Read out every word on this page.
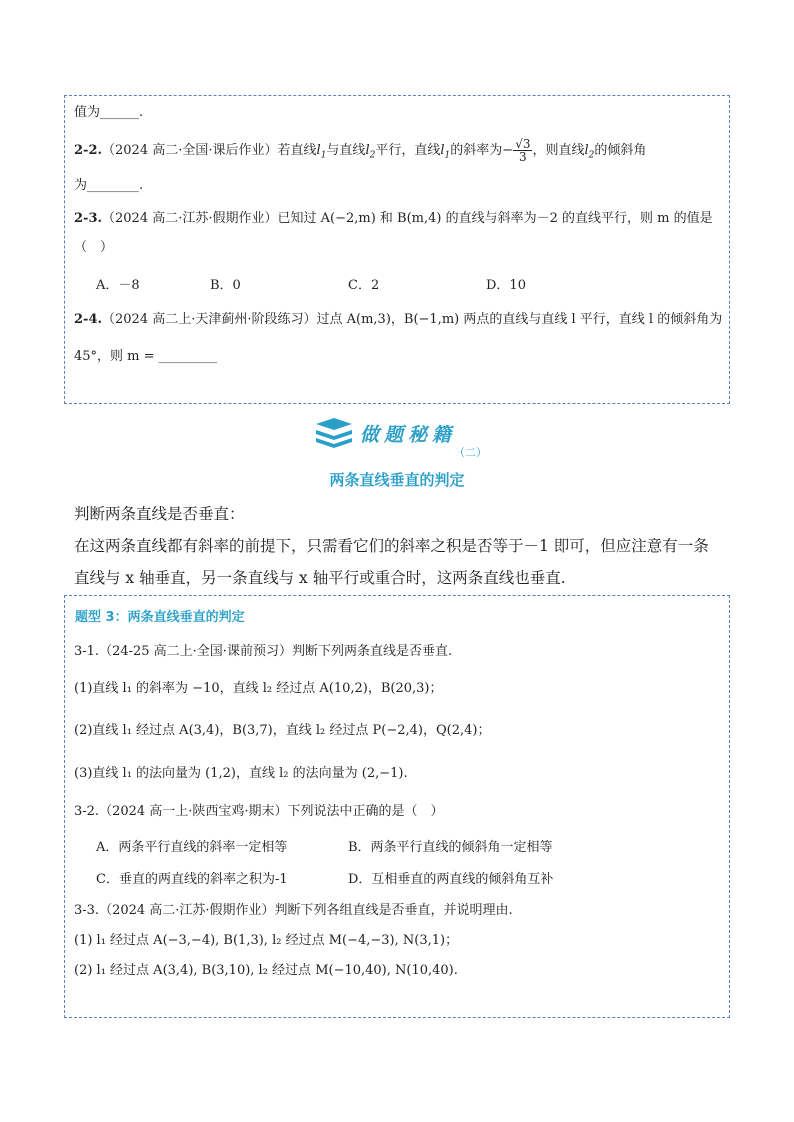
值为______.
2-2.（2024 高二·全国·课后作业）若直线$l_1$与直线$l_2$平行，直线$l_1$的斜率为− $\frac{√3}{3}$ ，则直线$l_2$的倾斜角
为________.
2-3.（2024 高二·江苏·假期作业）已知过 A(−2,m) 和 B(m,4) 的直线与斜率为－2 的直线平行，则 m 的值是
（　）
A．－8	B．0	C．2	D．10
2-4.（2024 高二上·天津蓟州·阶段练习）过点 A(m,3)，B(−1,m) 两点的直线与直线 l 平行，直线 l 的倾斜角为
45°，则 m = _________
做题秘籍
（二）
两条直线垂直的判定
判断两条直线是否垂直：
在这两条直线都有斜率的前提下，只需看它们的斜率之积是否等于－1 即可，但应注意有一条
直线与 x 轴垂直，另一条直线与 x 轴平行或重合时，这两条直线也垂直.
题型 3：两条直线垂直的判定
3-1.（24-25 高二上·全国·课前预习）判断下列两条直线是否垂直.
(1)直线 l₁ 的斜率为 −10，直线 l₂ 经过点 A(10,2)，B(20,3)；
(2)直线 l₁ 经过点 A(3,4)，B(3,7)，直线 l₂ 经过点 P(−2,4)，Q(2,4)；
(3)直线 l₁ 的法向量为 (1,2)，直线 l₂ 的法向量为 (2,−1).
3-2.（2024 高一上·陕西宝鸡·期末）下列说法中正确的是（　）
A．两条平行直线的斜率一定相等	B．两条平行直线的倾斜角一定相等
C．垂直的两直线的斜率之积为-1	D．互相垂直的两直线的倾斜角互补
3-3.（2024 高二·江苏·假期作业）判断下列各组直线是否垂直，并说明理由.
(1) l₁ 经过点 A(−3,−4), B(1,3), l₂ 经过点 M(−4,−3), N(3,1)；
(2) l₁ 经过点 A(3,4), B(3,10), l₂ 经过点 M(−10,40), N(10,40).
